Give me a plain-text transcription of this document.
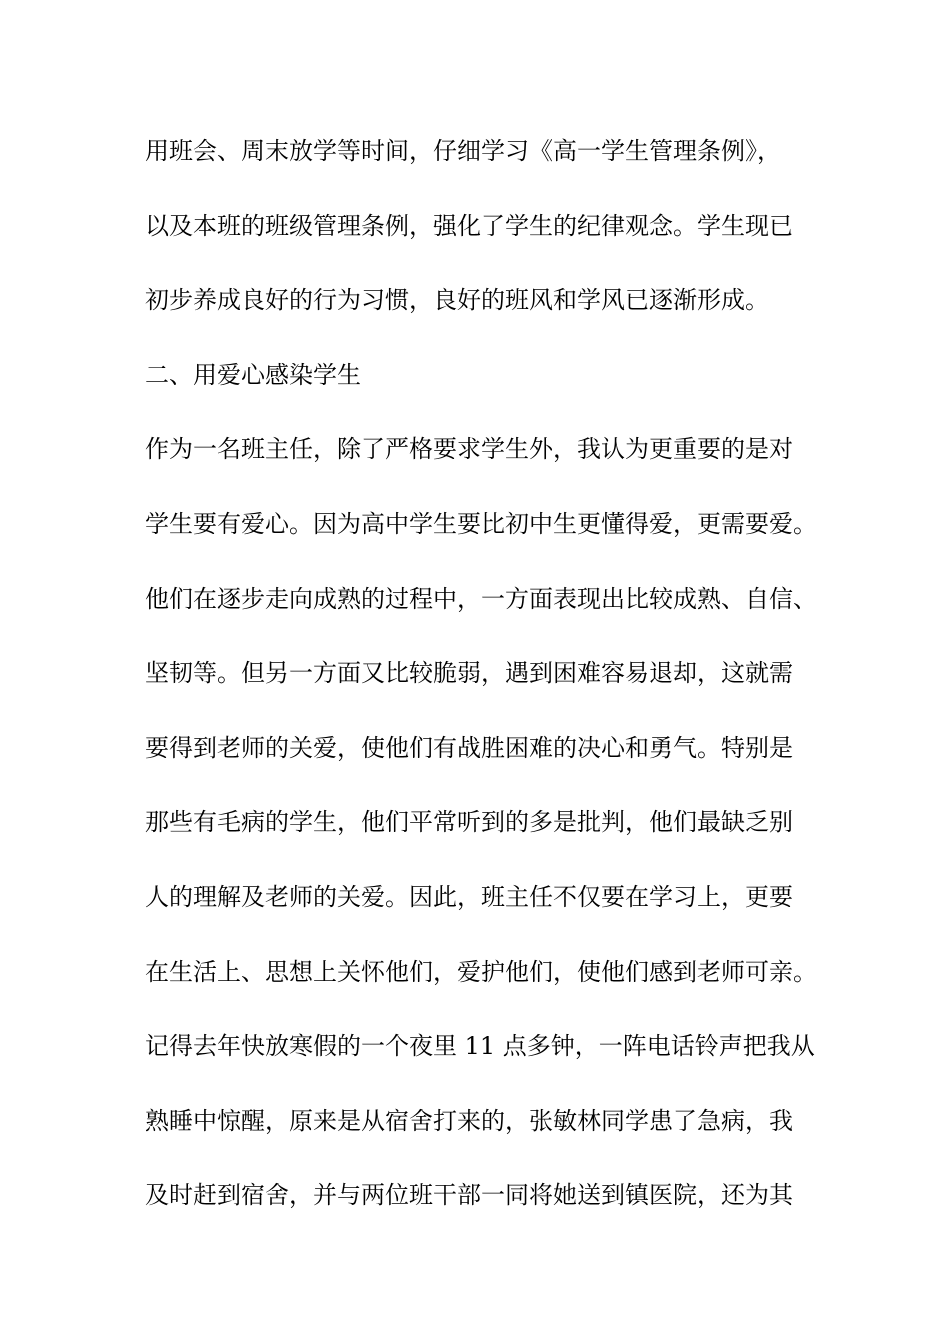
用班会、周末放学等时间，仔细学习《高一学生管理条例》，
以及本班的班级管理条例，强化了学生的纪律观念。学生现已
初步养成良好的行为习惯，良好的班风和学风已逐渐形成。
二、用爱心感染学生
作为一名班主任，除了严格要求学生外，我认为更重要的是对
学生要有爱心。因为高中学生要比初中生更懂得爱，更需要爱。
他们在逐步走向成熟的过程中，一方面表现出比较成熟、自信、
坚韧等。但另一方面又比较脆弱，遇到困难容易退却，这就需
要得到老师的关爱，使他们有战胜困难的决心和勇气。特别是
那些有毛病的学生，他们平常听到的多是批判，他们最缺乏别
人的理解及老师的关爱。因此，班主任不仅要在学习上，更要
在生活上、思想上关怀他们，爱护他们，使他们感到老师可亲。
记得去年快放寒假的一个夜里 11 点多钟，一阵电话铃声把我从
熟睡中惊醒，原来是从宿舍打来的，张敏林同学患了急病，我
及时赶到宿舍，并与两位班干部一同将她送到镇医院，还为其
